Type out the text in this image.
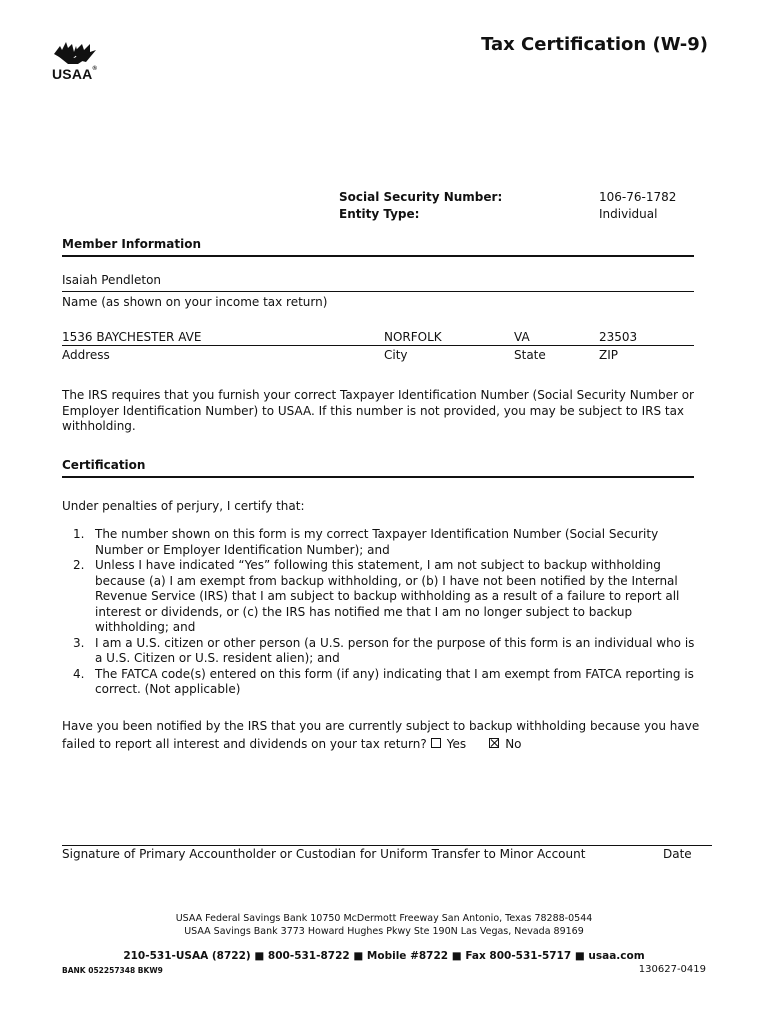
USAA®
Tax Certification (W-9)
Social Security Number:	106-76-1782
Entity Type:	Individual
Member Information
Isaiah Pendleton
Name (as shown on your income tax return)
1536 BAYCHESTER AVE	NORFOLK	VA	23503
Address	City	State	ZIP
The IRS requires that you furnish your correct Taxpayer Identification Number (Social Security Number or Employer Identification Number) to USAA. If this number is not provided, you may be subject to IRS tax withholding.
Certification
Under penalties of perjury, I certify that:
1. The number shown on this form is my correct Taxpayer Identification Number (Social Security Number or Employer Identification Number); and
2. Unless I have indicated “Yes” following this statement, I am not subject to backup withholding because (a) I am exempt from backup withholding, or (b) I have not been notified by the Internal Revenue Service (IRS) that I am subject to backup withholding as a result of a failure to report all interest or dividends, or (c) the IRS has notified me that I am no longer subject to backup withholding; and
3. I am a U.S. citizen or other person (a U.S. person for the purpose of this form is an individual who is a U.S. Citizen or U.S. resident alien); and
4. The FATCA code(s) entered on this form (if any) indicating that I am exempt from FATCA reporting is correct. (Not applicable)
Have you been notified by the IRS that you are currently subject to backup withholding because you have failed to report all interest and dividends on your tax return? Yes	No
Signature of Primary Accountholder or Custodian for Uniform Transfer to Minor Account	Date
USAA Federal Savings Bank 10750 McDermott Freeway San Antonio, Texas 78288-0544
USAA Savings Bank 3773 Howard Hughes Pkwy Ste 190N Las Vegas, Nevada 89169
210-531-USAA (8722) ■ 800-531-8722 ■ Mobile #8722 ■ Fax 800-531-5717 ■ usaa.com
BANK 052257348 BKW9	130627-0419
